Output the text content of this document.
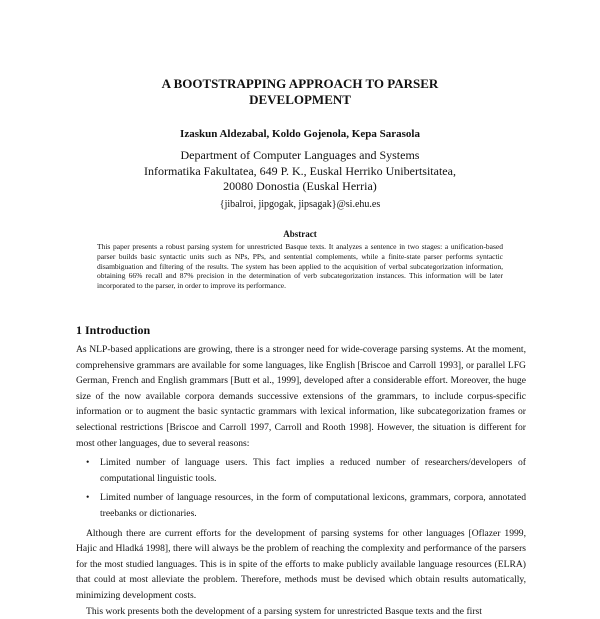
A BOOTSTRAPPING APPROACH TO PARSER
DEVELOPMENT
Izaskun Aldezabal, Koldo Gojenola, Kepa Sarasola
Department of Computer Languages and Systems
Informatika Fakultatea, 649 P. K., Euskal Herriko Unibertsitatea,
20080 Donostia (Euskal Herria)
{jibalroi, jipgogak, jipsagak}@si.ehu.es
Abstract

This paper presents a robust parsing system for unrestricted Basque texts. It analyzes a sentence in two stages: a unification-based parser builds basic syntactic units such as NPs, PPs, and sentential complements, while a finite-state parser performs syntactic disambiguation and filtering of the results. The system has been applied to the acquisition of verbal subcategorization information, obtaining 66% recall and 87% precision in the determination of verb subcategorization instances. This information will be later incorporated to the parser, in order to improve its performance.

1 Introduction

As NLP-based applications are growing, there is a stronger need for wide-coverage parsing systems. At the moment, comprehensive grammars are available for some languages, like English [Briscoe and Carroll 1993], or parallel LFG German, French and English grammars [Butt et al., 1999], developed after a considerable effort. Moreover, the huge size of the now available corpora demands successive extensions of the grammars, to include corpus-specific information or to augment the basic syntactic grammars with lexical information, like subcategorization frames or selectional restrictions [Briscoe and Carroll 1997, Carroll and Rooth 1998]. However, the situation is different for most other languages, due to several reasons:

• Limited number of language users. This fact implies a reduced number of researchers/developers of computational linguistic tools.
• Limited number of language resources, in the form of computational lexicons, grammars, corpora, annotated treebanks or dictionaries.

Although there are current efforts for the development of parsing systems for other languages [Oflazer 1999, Hajic and Hladká 1998], there will always be the problem of reaching the complexity and performance of the parsers for the most studied languages. This is in spite of the efforts to make publicly available language resources (ELRA) that could at most alleviate the problem. Therefore, methods must be devised which obtain results automatically, minimizing development costs.

This work presents both the development of a parsing system for unrestricted Basque texts and the first
